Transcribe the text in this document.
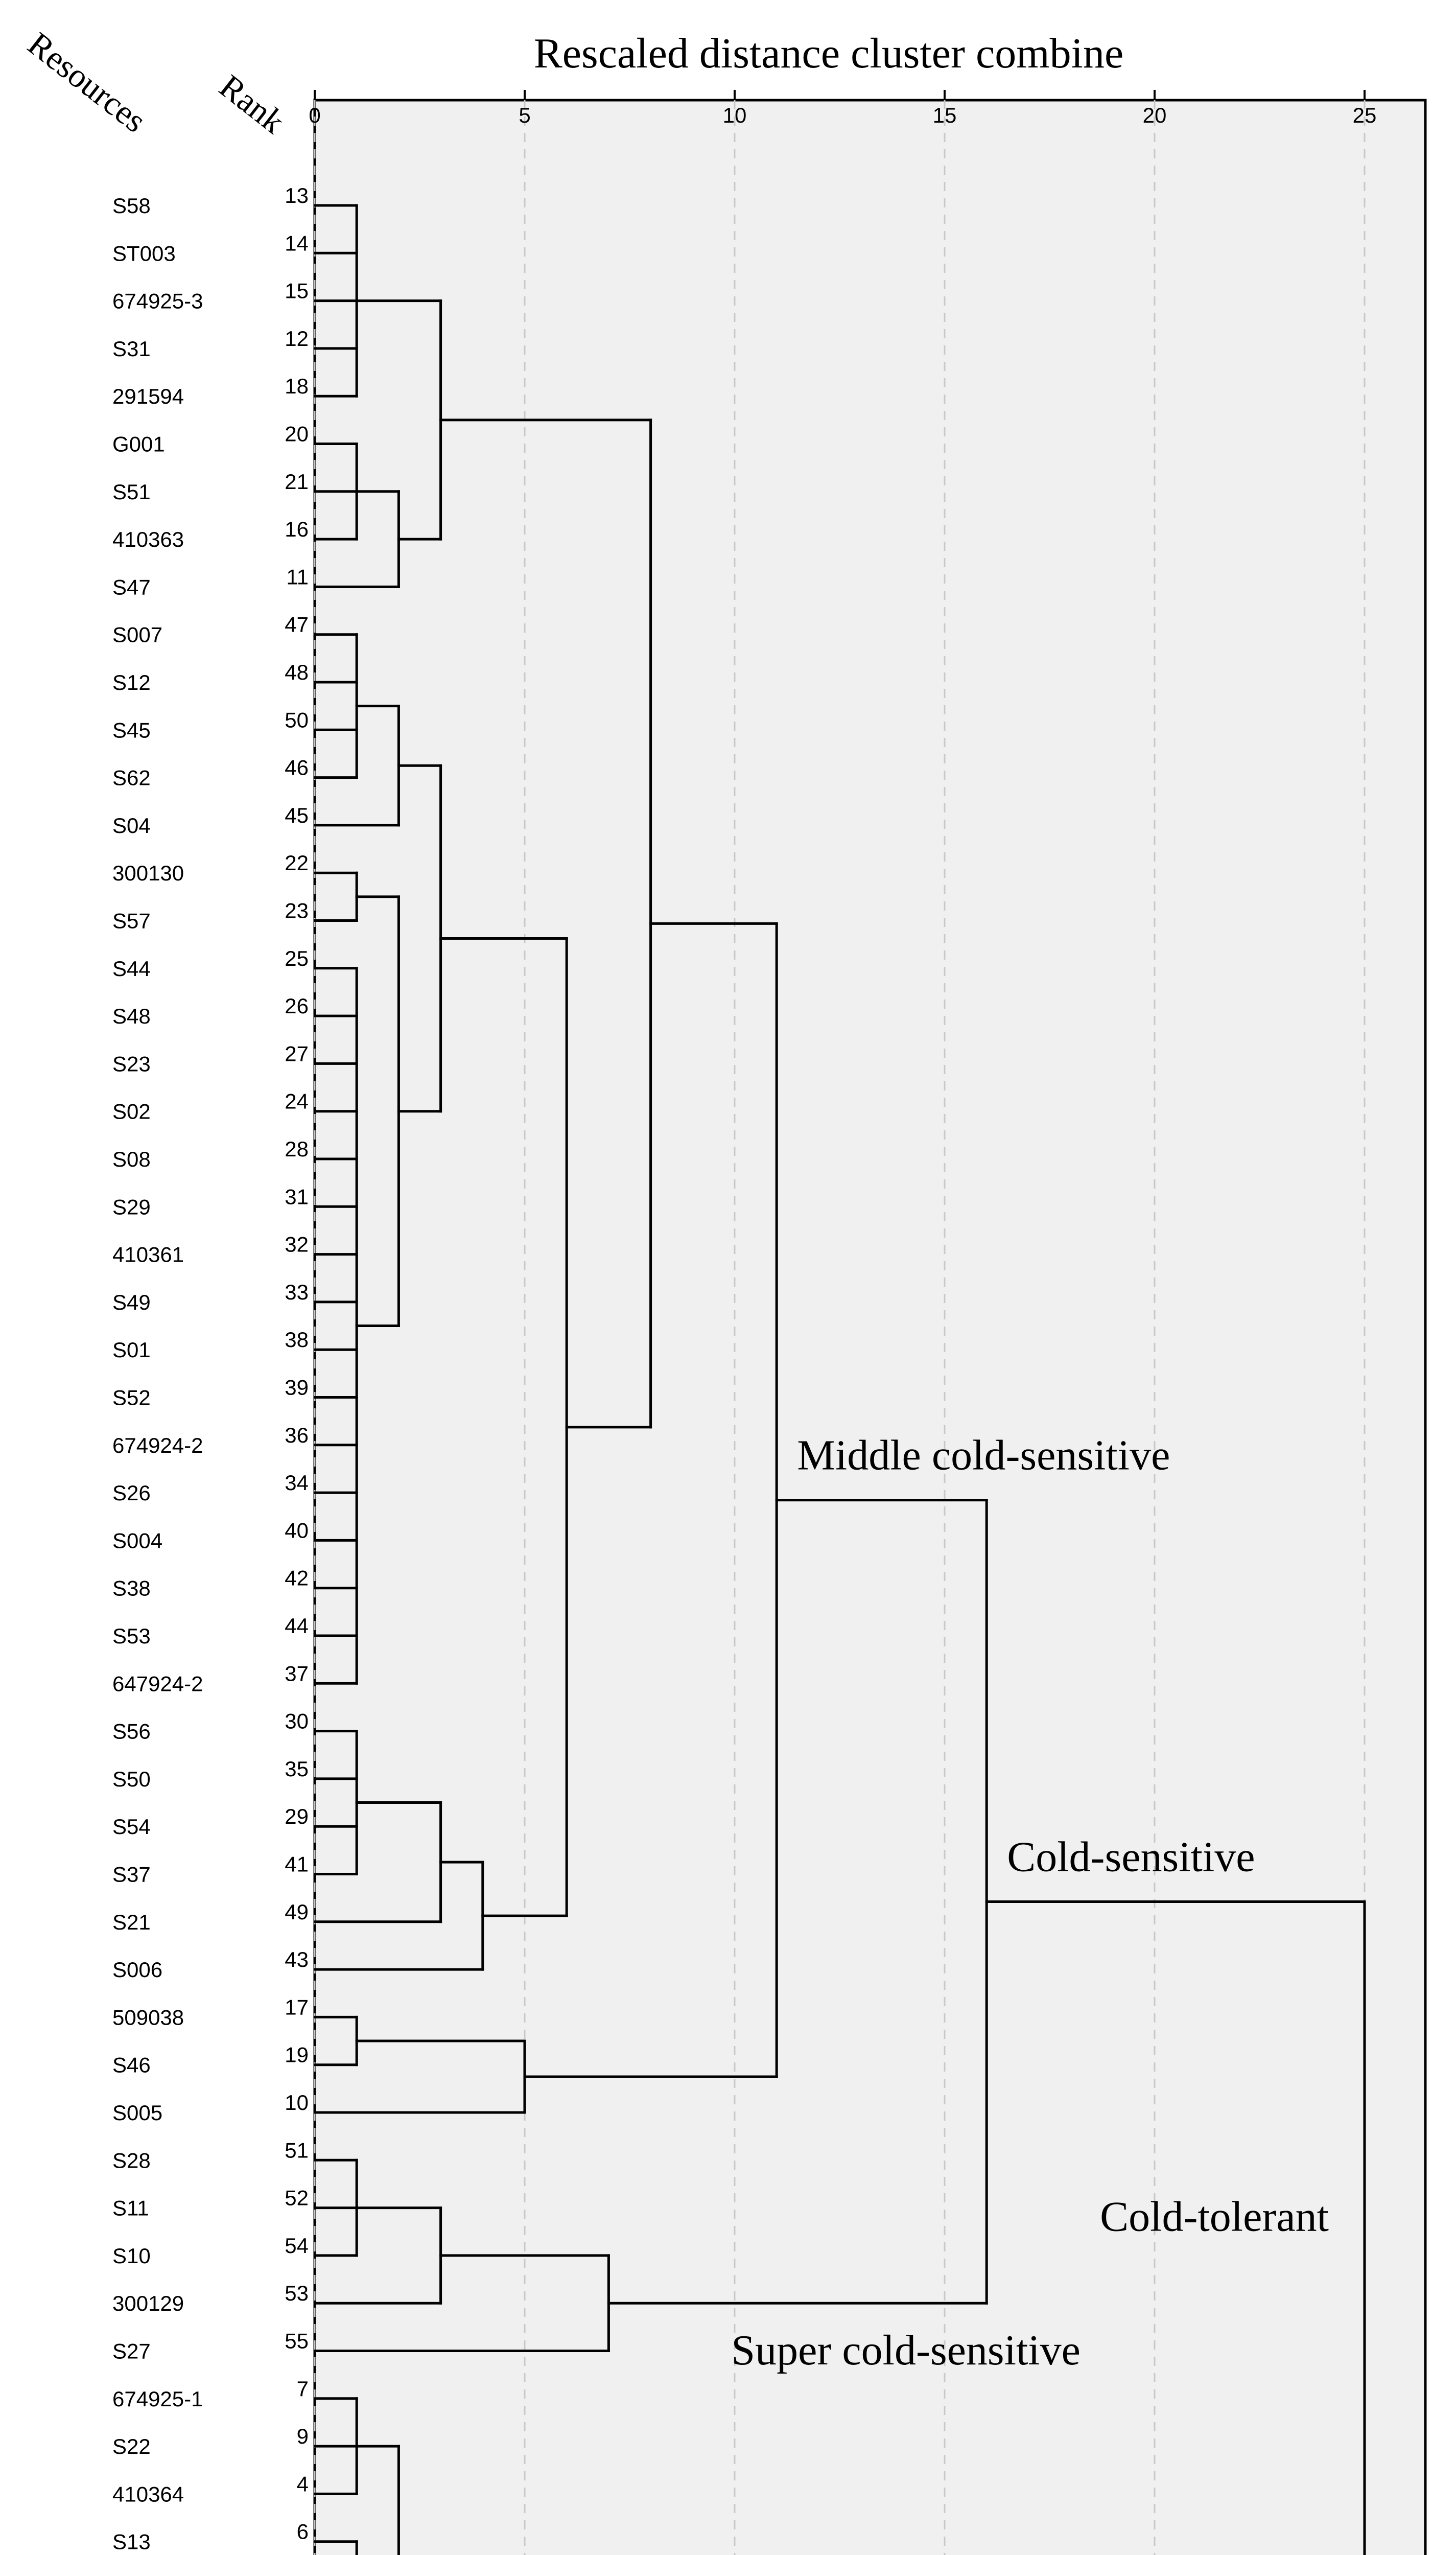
0	5	10	15	20	25
Rescaled distance cluster combine
Resources Rank
S58	13
ST003	14
674925-3	15
S31	12
291594	18
G001	20
S51	21
410363	16
S47	11
S007	47
S12	48
S45	50
S62	46
S04	45
300130	22
S57	23
S44	25
S48	26
S23	27
S02	24
S08	28
S29	31
410361	32
S49	33
S01	38
S52	39
674924-2	36
S26	34
S004	40
S38	42
S53	44
647924-2	37
S56	30
S50	35
S54	29
S37	41
S21	49
S006	43
509038	17
S46	19
S005	10
S28	51
S11	52
S10	54
300129	53
S27	55
674925-1	7
S22	9
410364	4
S13	6
Middle cold-sensitive
Cold-sensitive
Super cold-sensitive
Cold-tolerant
